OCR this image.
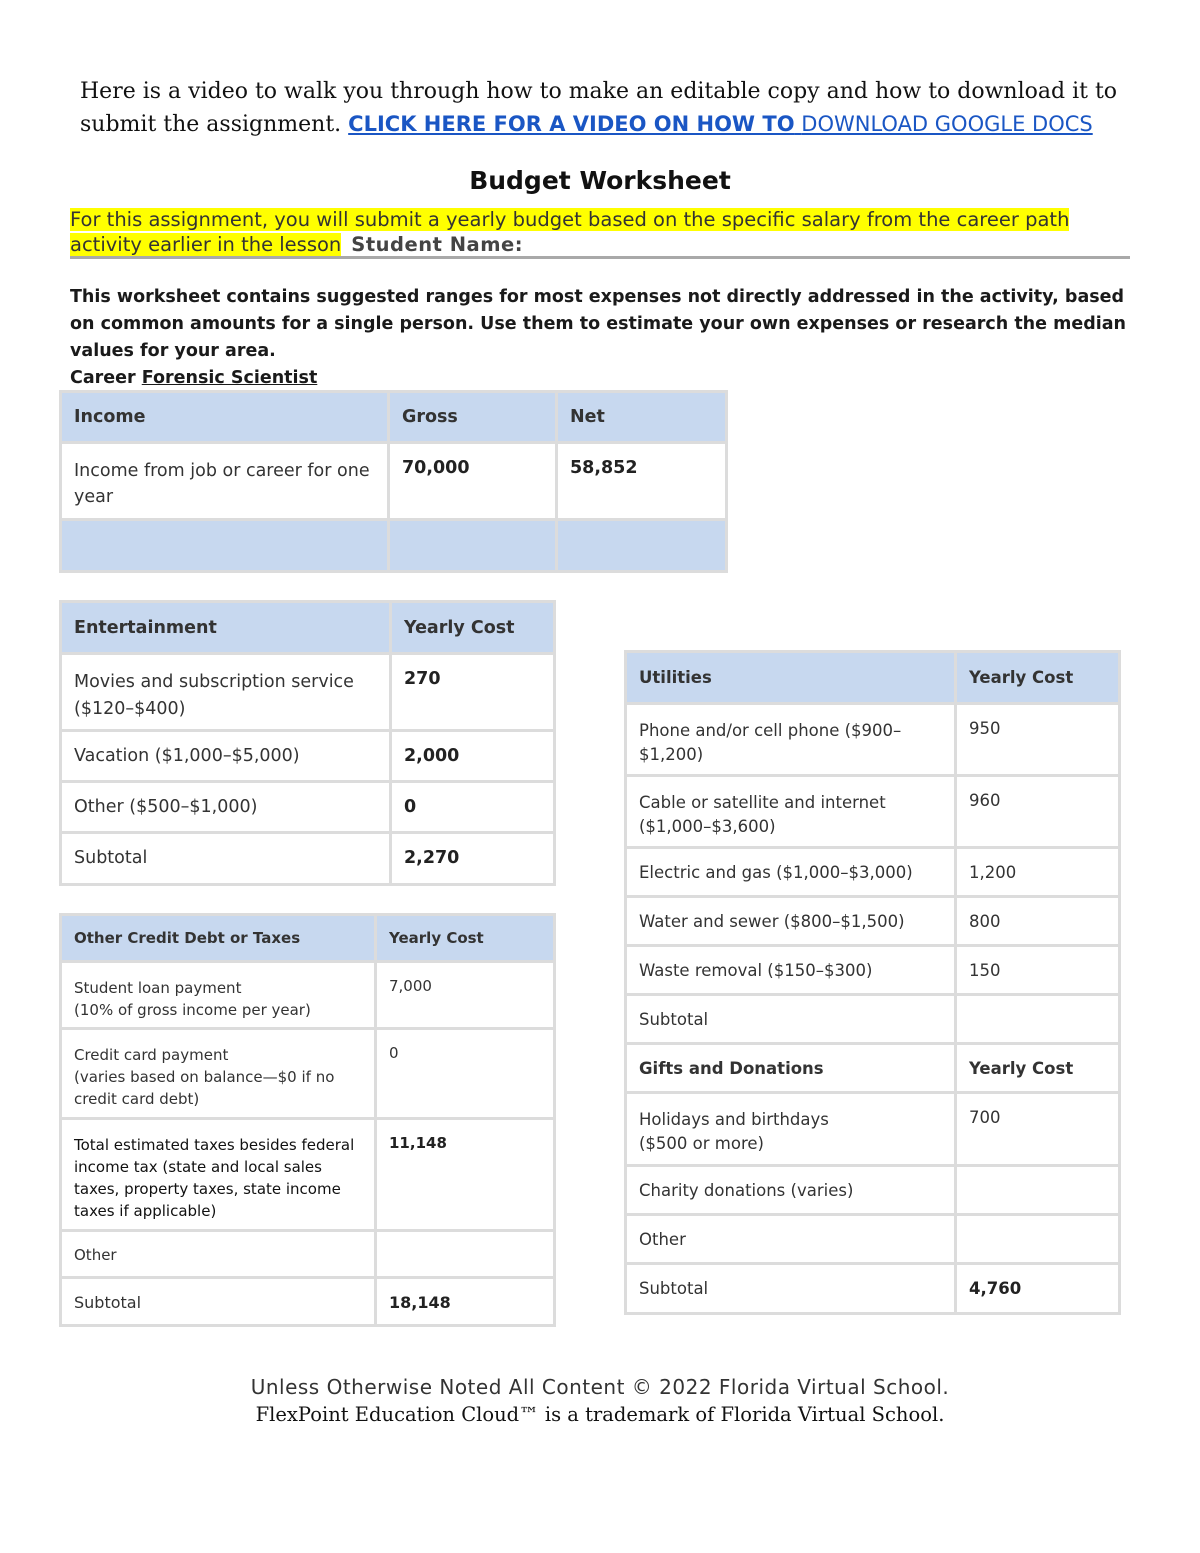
Here is a video to walk you through how to make an editable copy and how to download it to submit the assignment. CLICK HERE FOR A VIDEO ON HOW TO DOWNLOAD GOOGLE DOCS
Budget Worksheet
For this assignment, you will submit a yearly budget based on the specific salary from the career path activity earlier in the lesson Student Name:
This worksheet contains suggested ranges for most expenses not directly addressed in the activity, based on common amounts for a single person. Use them to estimate your own expenses or research the median values for your area.
Career Forensic Scientist
Income	Gross	Net
Income from job or career for one year	70,000	58,852

Entertainment	Yearly Cost
Movies and subscription service ($120–$400)	270
Vacation ($1,000–$5,000)	2,000
Other ($500–$1,000)	0
Subtotal	2,270
Other Credit Debt or Taxes	Yearly Cost
Student loan payment
(10% of gross income per year)	7,000
Credit card payment
(varies based on balance—$0 if no credit card debt)	0
Total estimated taxes besides federal income tax (state and local sales taxes, property taxes, state income taxes if applicable)	11,148
Other	
Subtotal	18,148
Utilities	Yearly Cost
Phone and/or cell phone ($900–$1,200)	950
Cable or satellite and internet ($1,000–$3,600)	960
Electric and gas ($1,000–$3,000)	1,200
Water and sewer ($800–$1,500)	800
Waste removal ($150–$300)	150
Subtotal	
Gifts and Donations	Yearly Cost
Holidays and birthdays
($500 or more)	700
Charity donations (varies)	
Other	
Subtotal	4,760
Unless Otherwise Noted All Content © 2022 Florida Virtual School.
FlexPoint Education Cloud™ is a trademark of Florida Virtual School.
